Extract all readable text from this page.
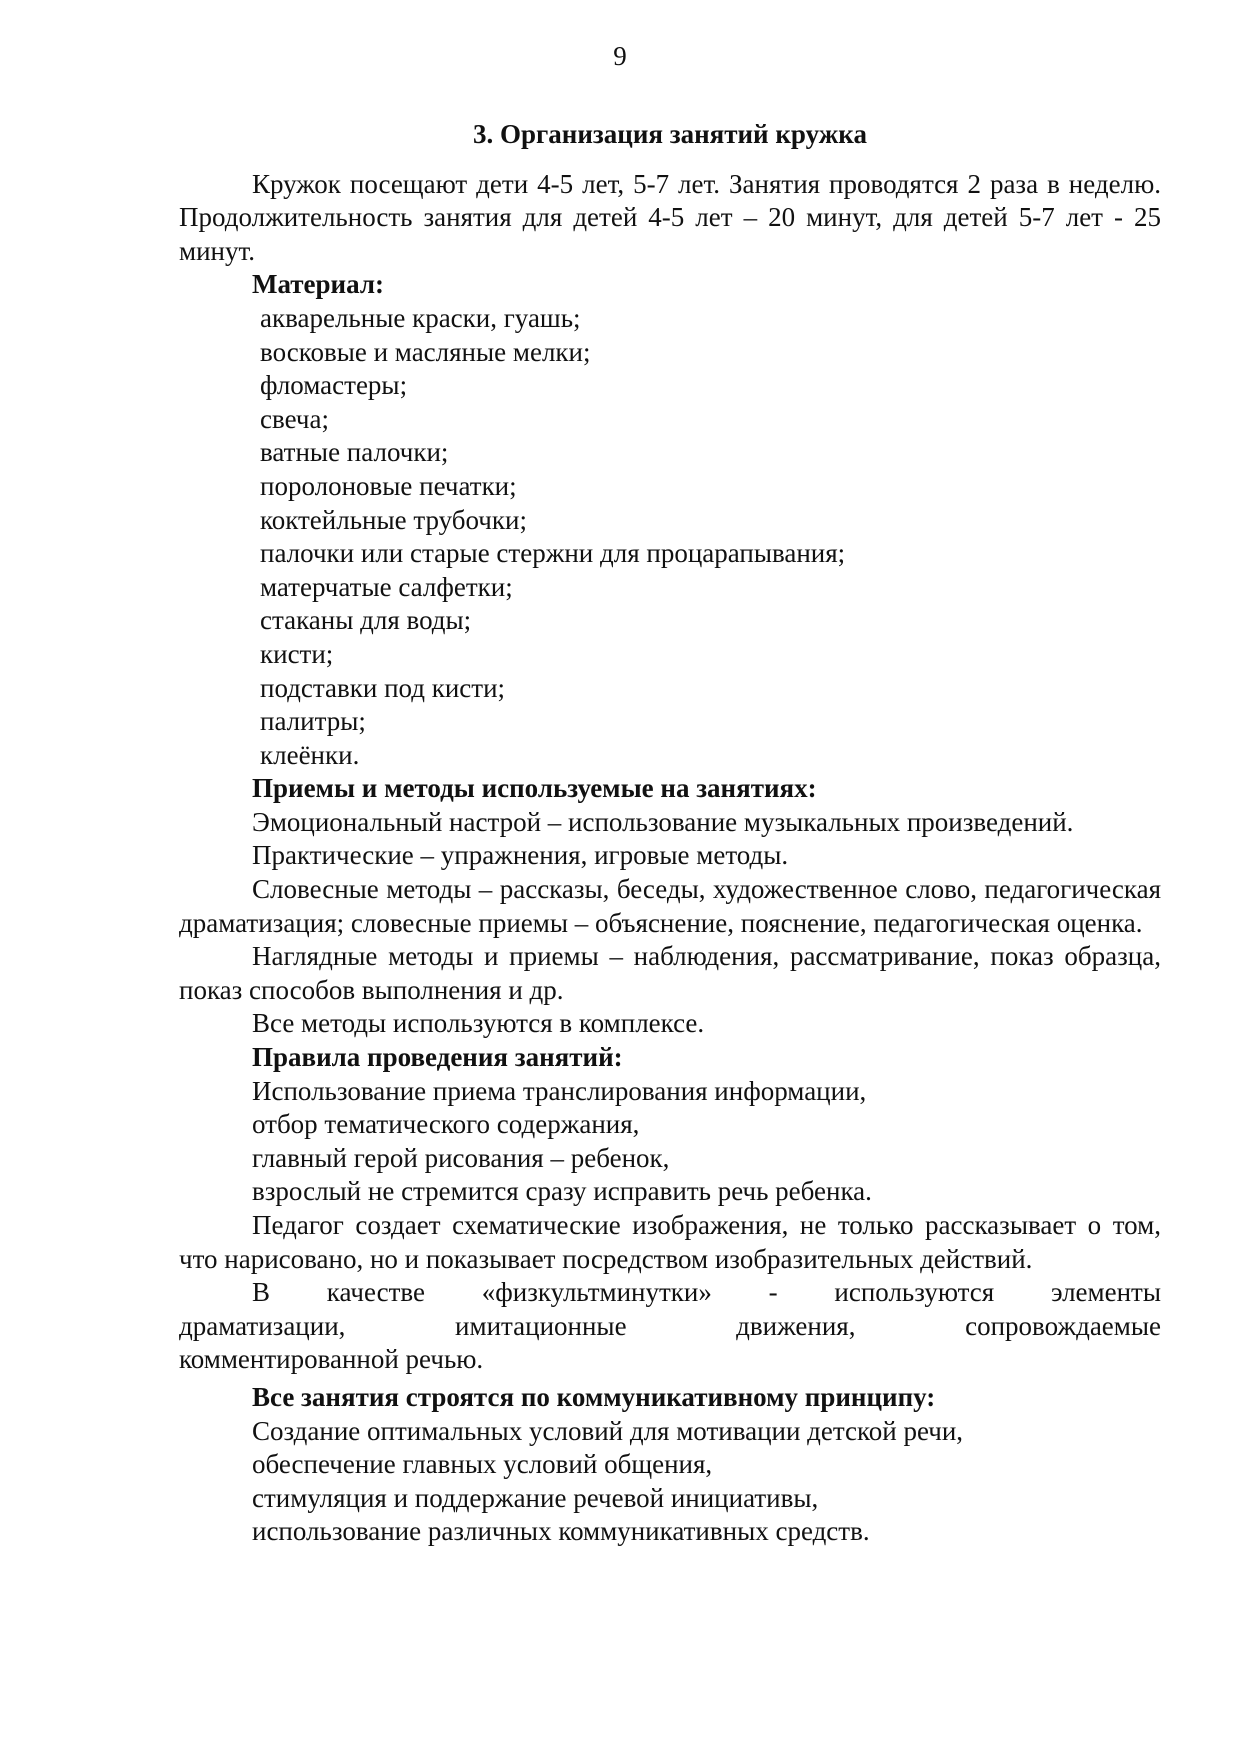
9
3. Организация занятий кружка

Кружок посещают дети 4-5 лет, 5-7 лет. Занятия проводятся 2 раза в неделю. Продолжительность занятия для детей 4-5 лет – 20 минут, для детей 5-7 лет - 25 минут.

Материал:

акварельные краски, гуашь;
восковые и масляные мелки;
фломастеры;
свеча;
ватные палочки;
поролоновые печатки;
коктейльные трубочки;
палочки или старые стержни для процарапывания;
матерчатые салфетки;
стаканы для воды;
кисти;
подставки под кисти;
палитры;
клеёнки.

Приемы и методы используемые на занятиях:

Эмоциональный настрой – использование музыкальных произведений.

Практические – упражнения, игровые методы.

Словесные методы – рассказы, беседы, художественное слово, педагогическая драматизация; словесные приемы – объяснение, пояснение, педагогическая оценка.

Наглядные методы и приемы – наблюдения, рассматривание, показ образца, показ способов выполнения и др.

Все методы используются в комплексе.

Правила проведения занятий:

Использование приема транслирования информации,

отбор тематического содержания,

главный герой рисования – ребенок,

взрослый не стремится сразу исправить речь ребенка.

Педагог создает схематические изображения, не только рассказывает о том, что нарисовано, но и показывает посредством изобразительных действий.

В качестве «физкультминутки» - используются элементы

драматизации, имитационные движения, сопровождаемые

комментированной речью.

Все занятия строятся по коммуникативному принципу:

Создание оптимальных условий для мотивации детской речи,

обеспечение главных условий общения,

стимуляция и поддержание речевой инициативы,

использование различных коммуникативных средств.
